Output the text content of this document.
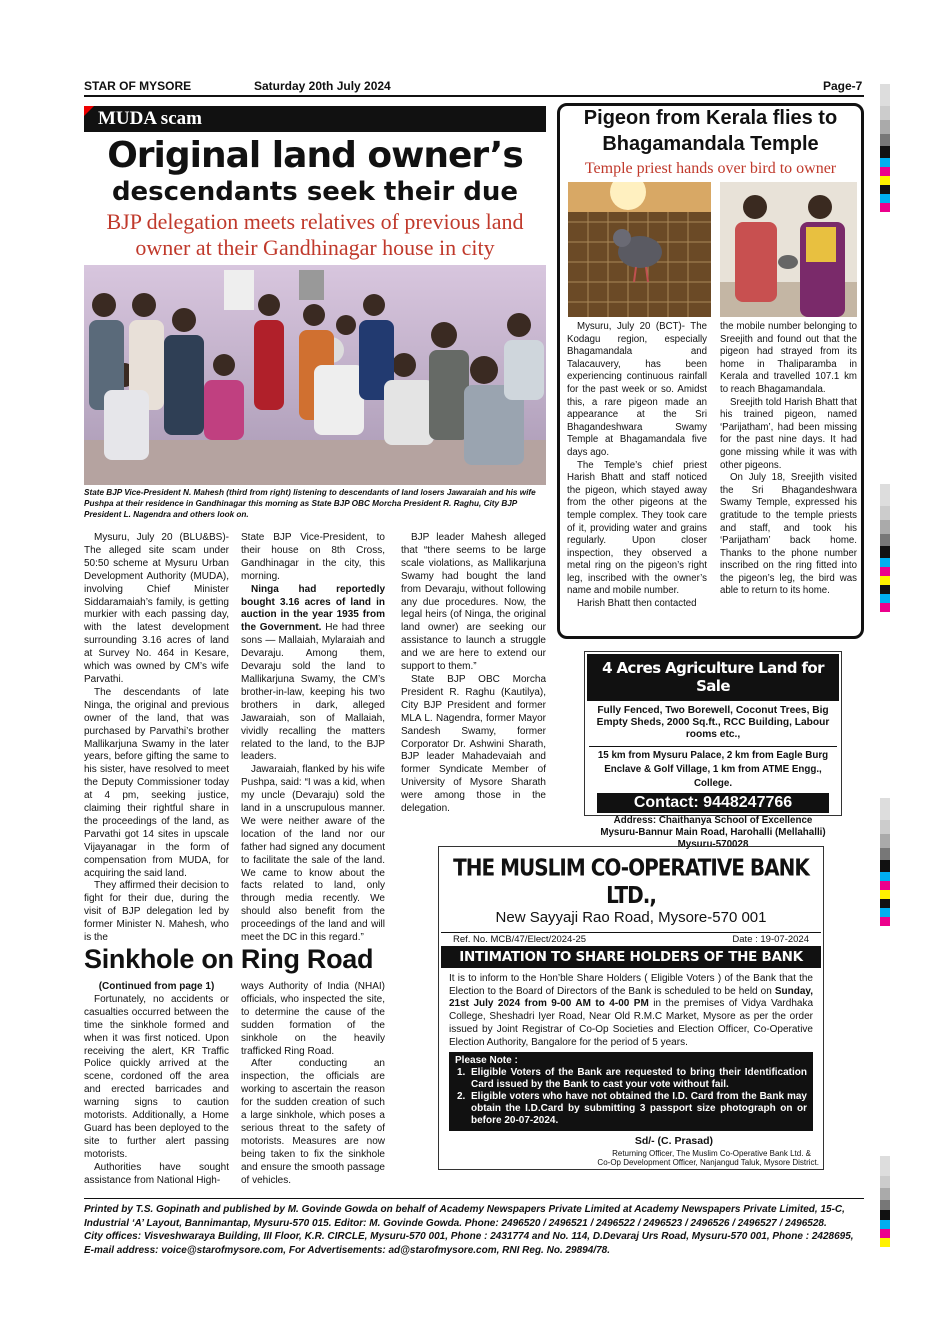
STAR OF MYSORE	Saturday 20th July 2024	Page-7
MUDA scam
Original land owner’s
descendants seek their due
BJP delegation meets relatives of previous land
owner at their Gandhinagar house in city
State BJP Vice-President N. Mahesh (third from right) listening to descendants of land losers Jawaraiah and his wife Pushpa at their residence in Gandhinagar this morning as State BJP OBC Morcha President R. Raghu, City BJP President L. Nagendra and others look on.

Mysuru, July 20 (BLU&BS)- The alleged site scam under 50:50 scheme at Mysuru Urban Development Authority (MUDA), involving Chief Minister Siddaramaiah’s family, is getting murkier with each passing day, with the latest development surrounding 3.16 acres of land at Survey No. 464 in Kesare, which was owned by CM’s wife Parvathi.

The descendants of late Ninga, the original and previous owner of the land, that was purchased by Parvathi’s brother Mallikarjuna Swamy in the later years, before gifting the same to his sister, have resolved to meet the Deputy Commissioner today at 4 pm, seeking justice, claiming their rightful share in the proceedings of the land, as Parvathi got 14 sites in upscale Vijayanagar in the form of compensation from MUDA, for acquiring the said land.

They affirmed their decision to fight for their due, during the visit of BJP delegation led by former Minister N. Mahesh, who is the

State BJP Vice-President, to their house on 8th Cross, Gandhinagar in the city, this morning.

Ninga had reportedly bought 3.16 acres of land in auction in the year 1935 from the Government. He had three sons — Mallaiah, Mylaraiah and Devaraju. Among them, Devaraju sold the land to Mallikarjuna Swamy, the CM’s brother-in-law, keeping his two brothers in dark, alleged Jawaraiah, son of Mallaiah, vividly recalling the matters related to the land, to the BJP leaders.

Jawaraiah, flanked by his wife Pushpa, said: “I was a kid, when my uncle (Devaraju) sold the land in a unscrupulous manner. We were neither aware of the location of the land nor our father had signed any document to facilitate the sale of the land. We came to know about the facts related to land, only through media recently. We should also benefit from the proceedings of the land and will meet the DC in this regard.”

BJP leader Mahesh alleged that “there seems to be large scale violations, as Mallikarjuna Swamy had bought the land from Devaraju, without following any due procedures. Now, the legal heirs (of Ninga, the original land owner) are seeking our assistance to launch a struggle and we are here to extend our support to them.”

State BJP OBC Morcha President R. Raghu (Kautilya), City BJP President and former MLA L. Nagendra, former Mayor Sandesh Swamy, former Corporator Dr. Ashwini Sharath, BJP leader Mahadevaiah and former Syndicate Member of University of Mysore Sharath were among those in the delegation.

Pigeon from Kerala flies to
Bhagamandala Temple
Temple priest hands over bird to owner

Mysuru, July 20 (BCT)- The Kodagu region, especially Bhagamandala and Talacauvery, has been experiencing continuous rainfall for the past week or so. Amidst this, a rare pigeon made an appearance at the Sri Bhagandeshwara Swamy Temple at Bhagamandala five days ago.

The Temple’s chief priest Harish Bhatt and staff noticed the pigeon, which stayed away from the other pigeons at the temple complex. They took care of it, providing water and grains regularly. Upon closer inspection, they observed a metal ring on the pigeon’s right leg, inscribed with the owner’s name and mobile number.

Harish Bhatt then contacted

the mobile number belonging to Sreejith and found out that the pigeon had strayed from its home in Thaliparamba in Kerala and travelled 107.1 km to reach Bhagamandala.

Sreejith told Harish Bhatt that his trained pigeon, named ‘Parijatham’, had been missing for the past nine days. It had gone missing while it was with other pigeons.

On July 18, Sreejith visited the Sri Bhagandeshwara Swamy Temple, expressed his gratitude to the temple priests and staff, and took his ‘Parijatham’ back home. Thanks to the phone number inscribed on the ring fitted into the pigeon’s leg, the bird was able to return to its home.

4 Acres Agriculture Land for Sale
Fully Fenced, Two Borewell, Coconut Trees, Big Empty Sheds, 2000 Sq.ft., RCC Building, Labour rooms etc.,
15 km from Mysuru Palace, 2 km from Eagle Burg Enclave & Golf Village, 1 km from ATME Engg., College.
Contact: 9448247766
Address: Chaithanya School of Excellence
Mysuru-Bannur Main Road, Harohalli (Mellahalli)
Mysuru-570028
Sinkhole on Ring Road

(Continued from page 1)

Fortunately, no accidents or casualties occurred between the time the sinkhole formed and when it was first noticed. Upon receiving the alert, KR Traffic Police quickly arrived at the scene, cordoned off the area and erected barricades and warning signs to caution motorists. Additionally, a Home Guard has been deployed to the site to further alert passing motorists.

Authorities have sought assistance from National High-

ways Authority of India (NHAI) officials, who inspected the site, to determine the cause of the sudden formation of the sinkhole on the heavily trafficked Ring Road.

After conducting an inspection, the officials are working to ascertain the reason for the sudden creation of such a large sinkhole, which poses a serious threat to the safety of motorists. Measures are now being taken to fix the sinkhole and ensure the smooth passage of vehicles.

THE MUSLIM CO-OPERATIVE BANK LTD.,
New Sayyaji Rao Road, Mysore-570 001
Ref. No. MCB/47/Elect/2024-25	Date : 19-07-2024
INTIMATION TO SHARE HOLDERS OF THE BANK
It is to inform to the Hon’ble Share Holders ( Eligible Voters ) of the Bank that the Election to the Board of Directors of the Bank is scheduled to be held on Sunday, 21st July 2024 from 9-00 AM to 4-00 PM in the premises of Vidya Vardhaka College, Sheshadri Iyer Road, Near Old R.M.C Market, Mysore as per the order issued by Joint Registrar of Co-Op Societies and Election Officer, Co-Operative Election Authority, Bangalore for the period of 5 years.
Please Note :
1. Eligible Voters of the Bank are requested to bring their Identification Card issued by the Bank to cast your vote without fail.
2. Eligible voters who have not obtained the I.D. Card from the Bank may obtain the I.D.Card by submitting 3 passport size photograph on or before 20-07-2024.
Sd/- (C. Prasad)
Returning Officer, The Muslim Co-Operative Bank Ltd. &
Co-Op Development Officer, Nanjangud Taluk, Mysore District.
Printed by T.S. Gopinath and published by M. Govinde Gowda on behalf of Academy Newspapers Private Limited at Academy Newspapers Private Limited, 15-C, Industrial ‘A’ Layout, Bannimantap, Mysuru-570 015. Editor: M. Govinde Gowda. Phone: 2496520 / 2496521 / 2496522 / 2496523 / 2496526 / 2496527 / 2496528.
City offices: Visveshwaraya Building, III Floor, K.R. CIRCLE, Mysuru-570 001, Phone : 2431774 and No. 114, D.Devaraj Urs Road, Mysuru-570 001, Phone : 2428695,
E-mail address: voice@starofmysore.com, For Advertisements: ad@starofmysore.com, RNI Reg. No. 29894/78.
